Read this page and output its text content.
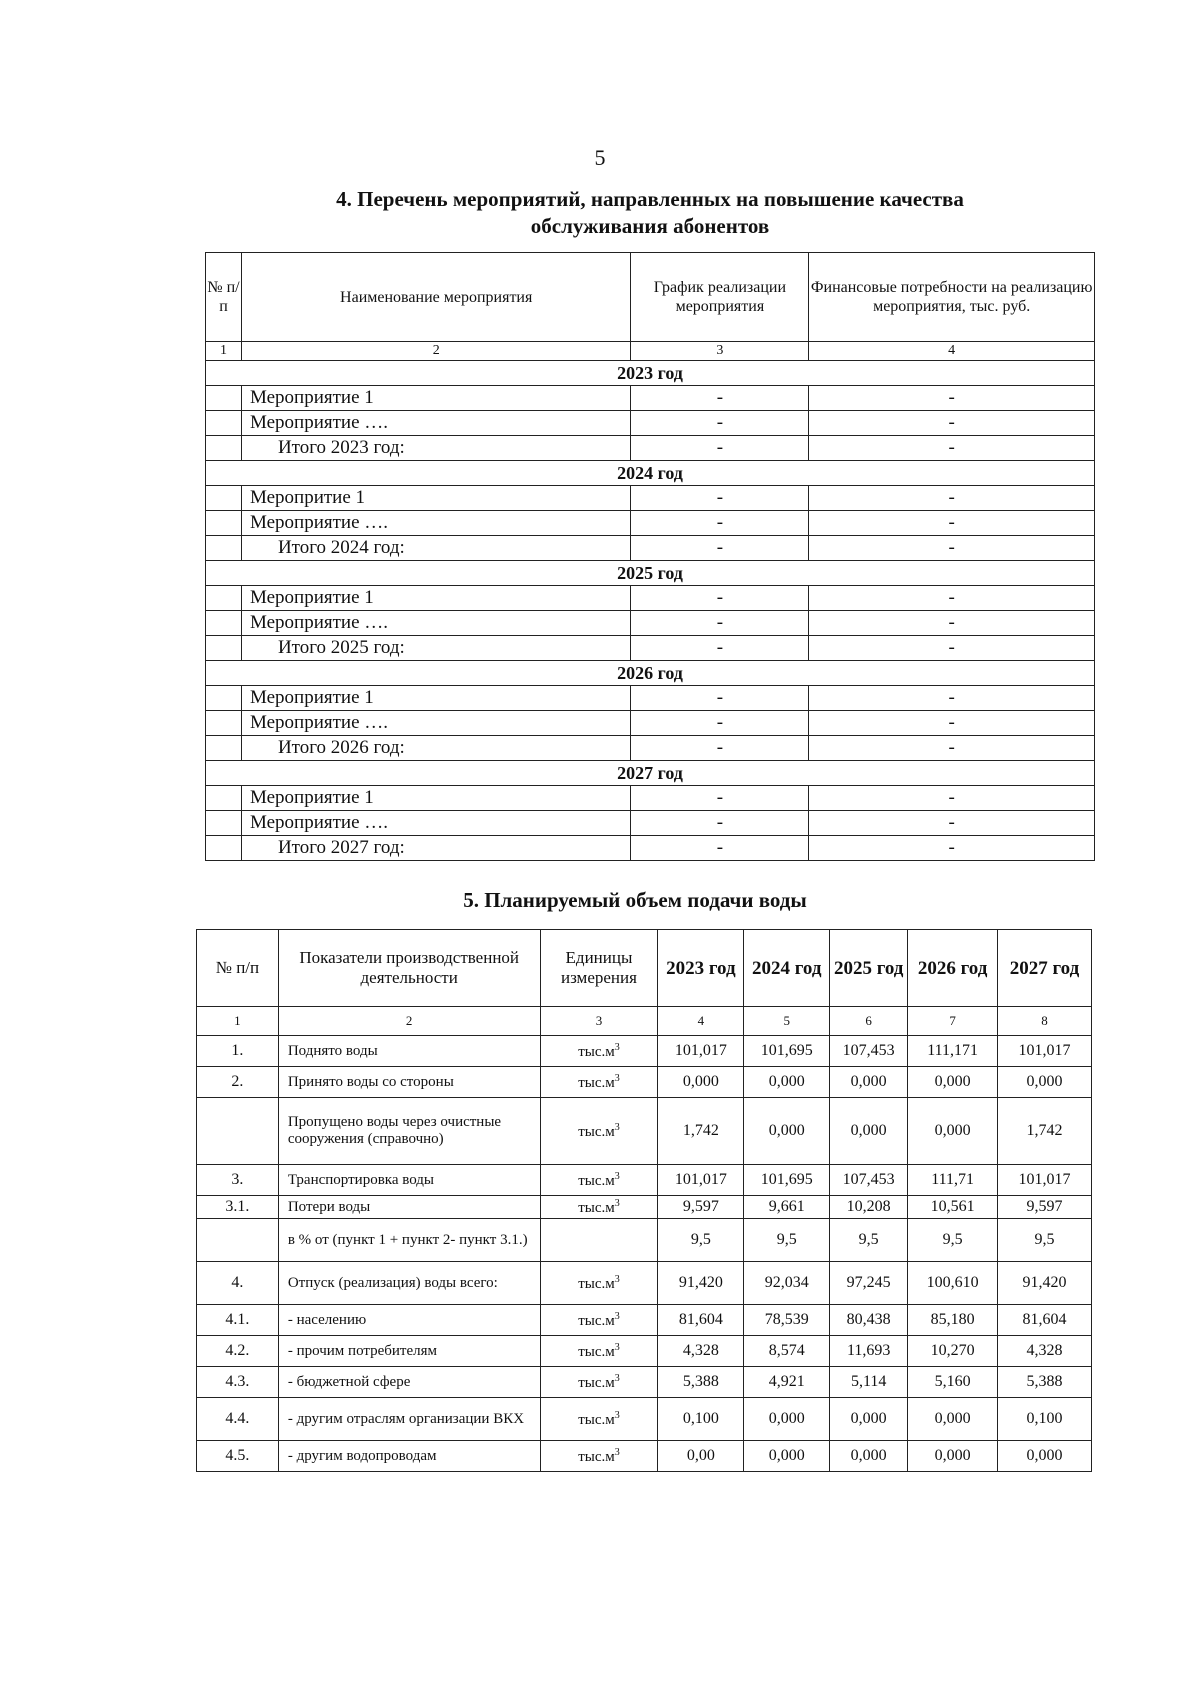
5
4. Перечень мероприятий, направленных на повышение качества
обслуживания абонентов
№ п/ п	Наименование мероприятия	График реализации мероприятия	Финансовые потребности на реализацию мероприятия, тыс. руб.
1	2	3	4
2023 год			
	Мероприятие 1	-	-
	Мероприятие ….	-	-
	Итого 2023 год:	-	-
2024 год			
	Меропритие 1	-	-
	Мероприятие ….	-	-
	Итого 2024 год:	-	-
2025 год			
	Мероприятие 1	-	-
	Мероприятие ….	-	-
	Итого 2025 год:	-	-
2026 год			
	Мероприятие 1	-	-
	Мероприятие ….	-	-
	Итого 2026 год:	-	-
2027 год			
	Мероприятие 1	-	-
	Мероприятие ….	-	-
	Итого 2027 год:	-	-
5. Планируемый объем подачи воды
№ п/п	Показатели производственной деятельности	Единицы измерения	2023 год	2024 год	2025 год	2026 год	2027 год
1	2	3	4	5	6	7	8
1.	Поднято воды	$тыс.м^3$	101,017	101,695	107,453	111,171	101,017
2.	Принято воды со стороны	$тыс.м^3$	0,000	0,000	0,000	0,000	0,000
	Пропущено воды через очистные сооружения (справочно)	$тыс.м^3$	1,742	0,000	0,000	0,000	1,742
3.	Транспортировка воды	$тыс.м^3$	101,017	101,695	107,453	111,71	101,017
3.1.	Потери воды	$тыс.м^3$	9,597	9,661	10,208	10,561	9,597
	в % от (пункт 1 + пункт 2- пункт 3.1.)		9,5	9,5	9,5	9,5	9,5
4.	Отпуск (реализация) воды всего:	$тыс.м^3$	91,420	92,034	97,245	100,610	91,420
4.1.	- населению	$тыс.м^3$	81,604	78,539	80,438	85,180	81,604
4.2.	- прочим потребителям	$тыс.м^3$	4,328	8,574	11,693	10,270	4,328
4.3.	- бюджетной сфере	$тыс.м^3$	5,388	4,921	5,114	5,160	5,388
4.4.	- другим отраслям организации ВКХ	$тыс.м^3$	0,100	0,000	0,000	0,000	0,100
4.5.	- другим водопроводам	$тыс.м^3$	0,00	0,000	0,000	0,000	0,000
